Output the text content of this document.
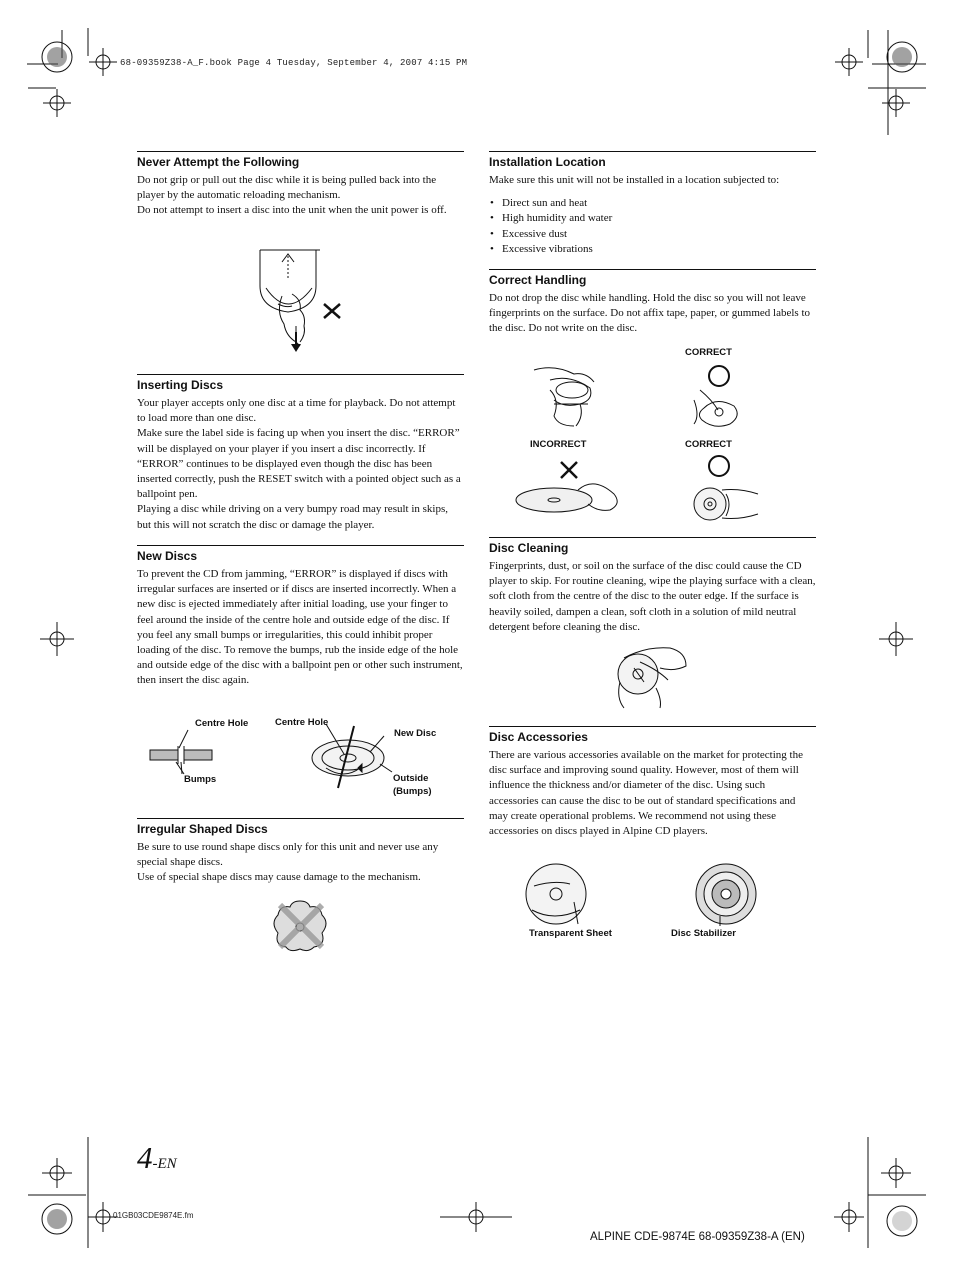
68-09359Z38-A_F.book Page 4 Tuesday, September 4, 2007 4:15 PM
Never Attempt the Following

Do not grip or pull out the disc while it is being pulled back into the player by the automatic reloading mechanism.

Do not attempt to insert a disc into the unit when the unit power is off.

Inserting Discs

Your player accepts only one disc at a time for playback. Do not attempt to load more than one disc.

Make sure the label side is facing up when you insert the disc. “ERROR” will be displayed on your player if you insert a disc incorrectly. If “ERROR” continues to be displayed even though the disc has been inserted correctly, push the RESET switch with a pointed object such as a ballpoint pen.

Playing a disc while driving on a very bumpy road may result in skips, but this will not scratch the disc or damage the player.

New Discs

To prevent the CD from jamming, “ERROR” is displayed if discs with irregular surfaces are inserted or if discs are inserted incorrectly. When a new disc is ejected immediately after initial loading, use your finger to feel around the inside of the centre hole and outside edge of the disc. If you feel any small bumps or irregularities, this could inhibit proper loading of the disc. To remove the bumps, rub the inside edge of the hole and outside edge of the disc with a ballpoint pen or other such instrument, then insert the disc again.

Centre Hole
Bumps
Centre Hole
New Disc
Outside
(Bumps)
Irregular Shaped Discs

Be sure to use round shape discs only for this unit and never use any special shape discs.

Use of special shape discs may cause damage to the mechanism.

Installation Location

Make sure this unit will not be installed in a location subjected to:

• Direct sun and heat
• High humidity and water
• Excessive dust
• Excessive vibrations
Correct Handling

Do not drop the disc while handling. Hold the disc so you will not leave fingerprints on the surface. Do not affix tape, paper, or gummed labels to the disc. Do not write on the disc.

CORRECT
INCORRECT	CORRECT
Disc Cleaning

Fingerprints, dust, or soil on the surface of the disc could cause the CD player to skip. For routine cleaning, wipe the playing surface with a clean, soft cloth from the centre of the disc to the outer edge. If the surface is heavily soiled, dampen a clean, soft cloth in a solution of mild neutral detergent before cleaning the disc.

Disc Accessories

There are various accessories available on the market for protecting the disc surface and improving sound quality. However, most of them will influence the thickness and/or diameter of the disc. Using such accessories can cause the disc to be out of standard specifications and may create operational problems. We recommend not using these accessories on discs played in Alpine CD players.

Transparent Sheet	Disc Stabilizer
4-EN
01GB03CDE9874E.fm
ALPINE CDE-9874E 68-09359Z38-A (EN)
